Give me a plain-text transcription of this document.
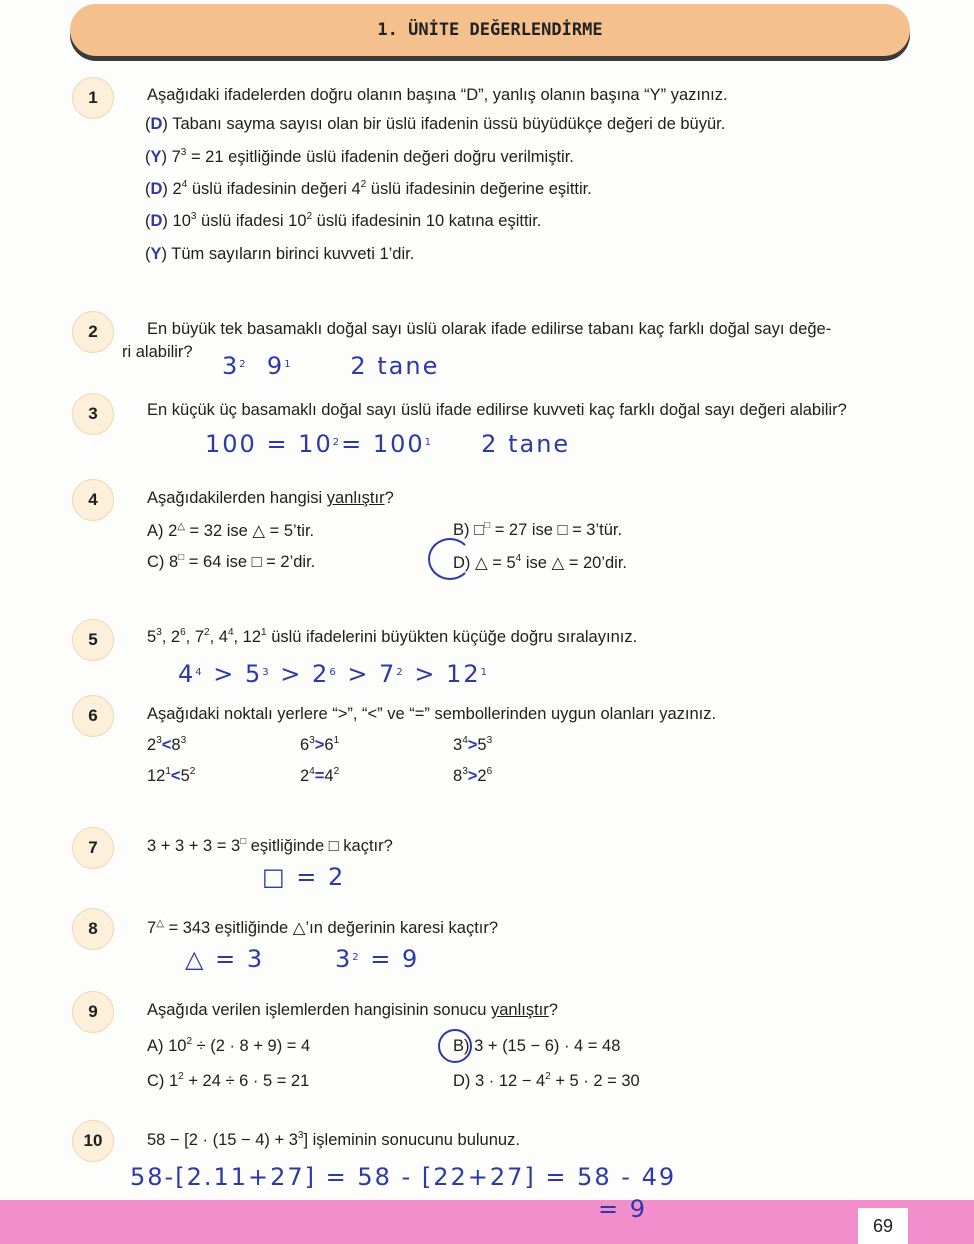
1. ÜNİTE DEĞERLENDİRME
1	Aşağıdaki ifadelerden doğru olanın başına “D”, yanlış olanın başına “Y” yazınız.
(D) Tabanı sayma sayısı olan bir üslü ifadenin üssü büyüdükçe değeri de büyür.
(Y) $7^3 = 21$ eşitliğinde üslü ifadenin değeri doğru verilmiştir.
(D) $2^4$ üslü ifadesinin değeri $4^2$ üslü ifadesinin değerine eşittir.
(D) $10^3$ üslü ifadesi $10^2$ üslü ifadesinin 10 katına eşittir.
(Y) Tüm sayıların birinci kuvveti 1’dir.
2	En büyük tek basamaklı doğal sayı üslü olarak ifade edilirse tabanı kaç farklı doğal sayı değe-
ri alabilir? $3^2$ $9^1$ 2 tane
3	En küçük üç basamaklı doğal sayı üslü ifade edilirse kuvveti kaç farklı doğal sayı değeri alabilir?
$100 = 10^2= 100^1$ 2 tane
4	Aşağıdakilerden hangisi yanlıştır?
A) 2△ = 32 ise △ = 5’tir.	B) □□ = 27 ise □ = 3’tür.
C) 8□ = 64 ise □ = 2’dir.	D) △ = $5^4$ ise △ = 20’dir.
5	$5^3$, $2^6$, $7^2$, $4^4$, $12^1$ üslü ifadelerini büyükten küçüğe doğru sıralayınız.
$4^4 > 5^3 > 2^6 > 7^2 > 12^1$
6	Aşağıdaki noktalı yerlere “>”, “<” ve “=” sembollerinden uygun olanları yazınız.
$2^3<8^3$	$6^3>6^1$	$3^4>5^3$
$12^1<5^2$	$2^4=4^2$	$8^3>2^6$
7	3 + 3 + 3 = 3□ eşitliğinde □ kaçtır?
□ = 2
8	7△ = 343 eşitliğinde △’ın değerinin karesi kaçtır?
△ = 3	$3^2 = 9$
9	Aşağıda verilen işlemlerden hangisinin sonucu yanlıştır?
A) $10^2 \div (2 \cdot 8 + 9) = 4$	B) 3 + (15 − 6) · 4 = 48
C) $1^2 + 24 \div 6 \cdot 5 = 21$	D) $3 \cdot 12 - 4^2 + 5 \cdot 2 = 30$
10	$58 - [2 \cdot (15 - 4) + 3^3]$ işleminin sonucunu bulunuz.
58-[2.11+27] = 58 - [22+27] = 58 - 49
69
= 9
